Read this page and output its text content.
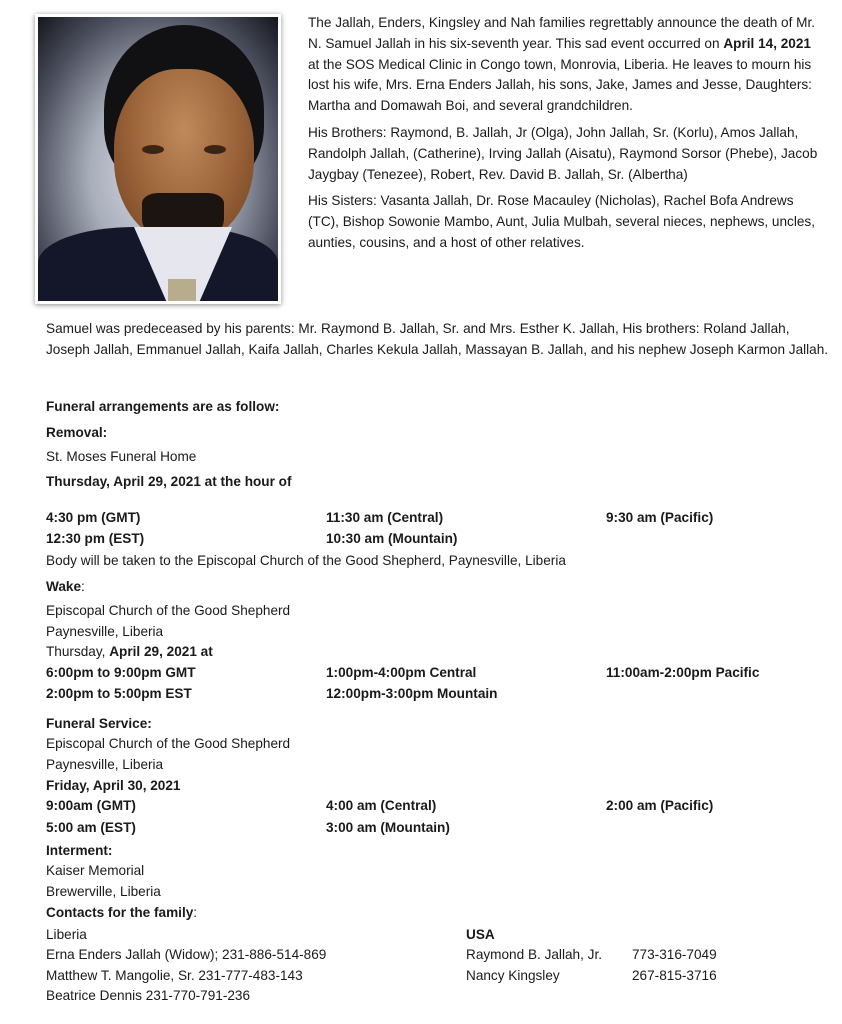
The Jallah, Enders, Kingsley and Nah families regrettably announce the death of Mr. N. Samuel Jallah in his six-seventh year. This sad event occurred on April 14, 2021 at the SOS Medical Clinic in Congo town, Monrovia, Liberia. He leaves to mourn his lost his wife, Mrs. Erna Enders Jallah, his sons, Jake, James and Jesse, Daughters: Martha and Domawah Boi, and several grandchildren.

His Brothers: Raymond, B. Jallah, Jr (Olga), John Jallah, Sr. (Korlu), Amos Jallah, Randolph Jallah, (Catherine), Irving Jallah (Aisatu), Raymond Sorsor (Phebe), Jacob Jaygbay (Tenezee), Robert, Rev. David B. Jallah, Sr. (Albertha)

His Sisters: Vasanta Jallah, Dr. Rose Macauley (Nicholas), Rachel Bofa Andrews (TC), Bishop Sowonie Mambo, Aunt, Julia Mulbah, several nieces, nephews, uncles, aunties, cousins, and a host of other relatives.

Samuel was predeceased by his parents: Mr. Raymond B. Jallah, Sr. and Mrs. Esther K. Jallah, His brothers: Roland Jallah, Joseph Jallah, Emmanuel Jallah, Kaifa Jallah, Charles Kekula Jallah, Massayan B. Jallah, and his nephew Joseph Karmon Jallah.
Funeral arrangements are as follow:
Removal:
St. Moses Funeral Home
Thursday, April 29, 2021 at the hour of
4:30 pm (GMT)	11:30 am (Central)	9:30 am (Pacific)
12:30 pm (EST)	10:30 am (Mountain)
Body will be taken to the Episcopal Church of the Good Shepherd, Paynesville, Liberia
Wake:
Episcopal Church of the Good Shepherd
Paynesville, Liberia
Thursday, April 29, 2021 at
6:00pm to 9:00pm GMT	1:00pm-4:00pm Central	11:00am-2:00pm Pacific
2:00pm to 5:00pm EST	12:00pm-3:00pm Mountain
Funeral Service:
Episcopal Church of the Good Shepherd
Paynesville, Liberia
Friday, April 30, 2021
9:00am (GMT)	4:00 am (Central)	2:00 am (Pacific)
5:00 am (EST)	3:00 am (Mountain)
Interment:
Kaiser Memorial
Brewerville, Liberia
Contacts for the family:
Liberia
Erna Enders Jallah (Widow); 231-886-514-869
Matthew T. Mangolie, Sr. 231-777-483-143
Beatrice Dennis 231-770-791-236
USA
Raymond B. Jallah, Jr. 773-316-7049
Nancy Kingsley	267-815-3716
